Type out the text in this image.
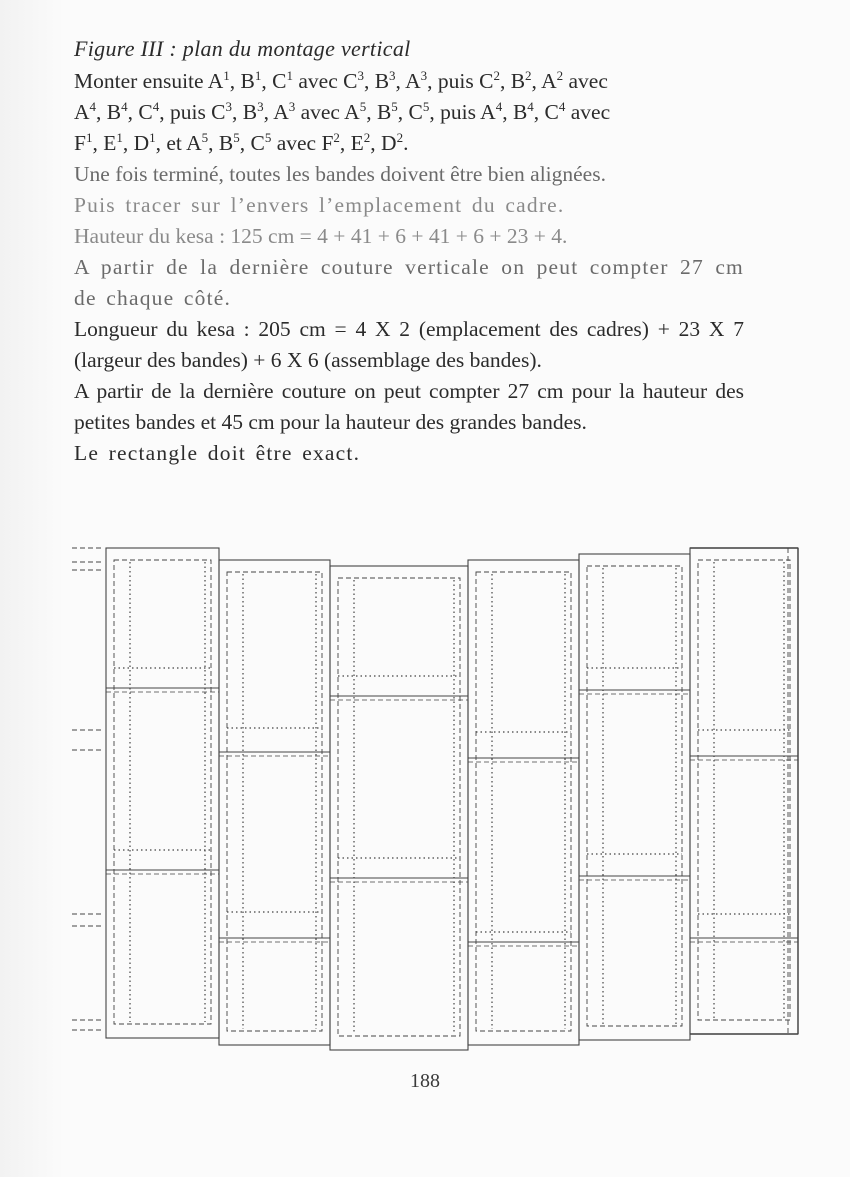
Figure III : plan du montage vertical

Monter ensuite $A^1$, $B^1$, $C^1$ avec $C^3$, $B^3$, $A^3$, puis $C^2$, $B^2$, $A^2$ avec

$A^4$, $B^4$, $C^4$, puis $C^3$, $B^3$, $A^3$ avec $A^5$, $B^5$, $C^5$, puis $A^4$, $B^4$, $C^4$ avec

$F^1$, $E^1$, $D^1$, et $A^5$, $B^5$, $C^5$ avec $F^2$, $E^2$, $D^2$.

Une fois terminé, toutes les bandes doivent être bien alignées.

Puis tracer sur l’envers l’emplacement du cadre.

Hauteur du kesa : 125 cm = 4 + 41 + 6 + 41 + 6 + 23 + 4.

A partir de la dernière couture verticale on peut compter 27 cm de chaque côté.

Longueur du kesa : 205 cm = 4 X 2 (emplacement des cadres) + 23 X 7 (largeur des bandes) + 6 X 6 (assemblage des bandes).

A partir de la dernière couture on peut compter 27 cm pour la hauteur des petites bandes et 45 cm pour la hauteur des grandes bandes.

Le rectangle doit être exact.

188
